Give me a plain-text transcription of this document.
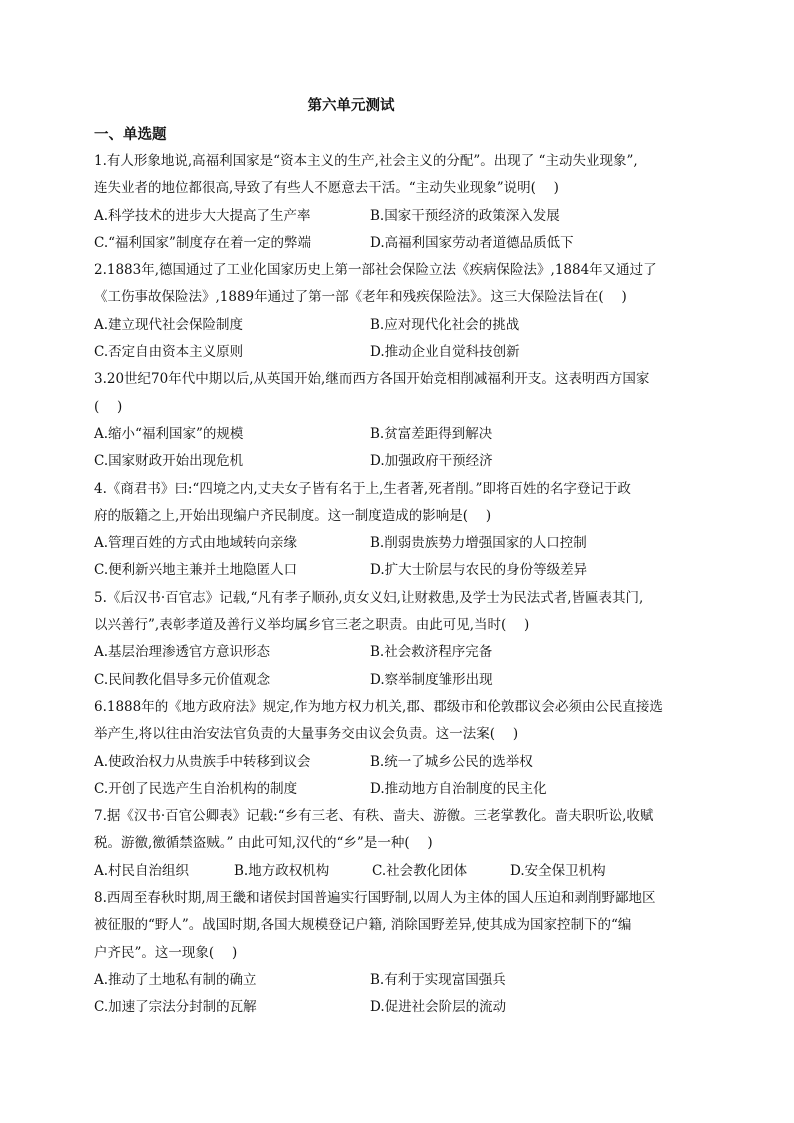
第六单元测试
一、单选题
1.有人形象地说,高福利国家是“资本主义的生产,社会主义的分配”。出现了 “主动失业现象”,
连失业者的地位都很高,导致了有些人不愿意去干活。“主动失业现象”说明(　 )
A.科学技术的进步大大提高了生产率	B.国家干预经济的政策深入发展
C.“福利国家”制度存在着一定的弊端	D.高福利国家劳动者道德品质低下
2.1883年,德国通过了工业化国家历史上第一部社会保险立法《疾病保险法》,1884年又通过了
《工伤事故保险法》,1889年通过了第一部《老年和残疾保险法》。这三大保险法旨在(　 )
A.建立现代社会保险制度	B.应对现代化社会的挑战
C.否定自由资本主义原则	D.推动企业自觉科技创新
3.20世纪70年代中期以后,从英国开始,继而西方各国开始竞相削减福利开支。这表明西方国家
(　 )
A.缩小“福利国家”的规模	B.贫富差距得到解决
C.国家财政开始出现危机	D.加强政府干预经济
4.《商君书》曰:“四境之内,丈夫女子皆有名于上,生者著,死者削。”即将百姓的名字登记于政
府的版籍之上,开始出现编户齐民制度。这一制度造成的影响是(　 )
A.管理百姓的方式由地域转向亲缘	B.削弱贵族势力增强国家的人口控制
C.便利新兴地主兼并土地隐匿人口	D.扩大士阶层与农民的身份等级差异
5.《后汉书·百官志》记载,“凡有孝子顺孙,贞女义妇,让财救患,及学士为民法式者,皆匾表其门,
以兴善行”,表彰孝道及善行义举均属乡官三老之职责。由此可见,当时(　 )
A.基层治理渗透官方意识形态	B.社会救济程序完备
C.民间教化倡导多元价值观念	D.察举制度雏形出现
6.1888年的《地方政府法》规定,作为地方权力机关,郡、郡级市和伦敦郡议会必须由公民直接选
举产生,将以往由治安法官负责的大量事务交由议会负责。这一法案(　 )
A.使政治权力从贵族手中转移到议会	B.统一了城乡公民的选举权
C.开创了民选产生自治机构的制度	D.推动地方自治制度的民主化
7.据《汉书·百官公卿表》记载:“乡有三老、有秩、啬夫、游徼。三老掌教化。啬夫职听讼,收赋
税。游徼,徼循禁盗贼。” 由此可知,汉代的“乡”是一种(　 )
A.村民自治组织	B.地方政权机构	C.社会教化团体	D.安全保卫机构
8.西周至春秋时期,周王畿和诸侯封国普遍实行国野制,以周人为主体的国人压迫和剥削野鄙地区
被征服的“野人”。战国时期,各国大规模登记户籍, 消除国野差异,使其成为国家控制下的“编
户齐民”。这一现象(　 )
A.推动了土地私有制的确立	B.有利于实现富国强兵
C.加速了宗法分封制的瓦解	D.促进社会阶层的流动
